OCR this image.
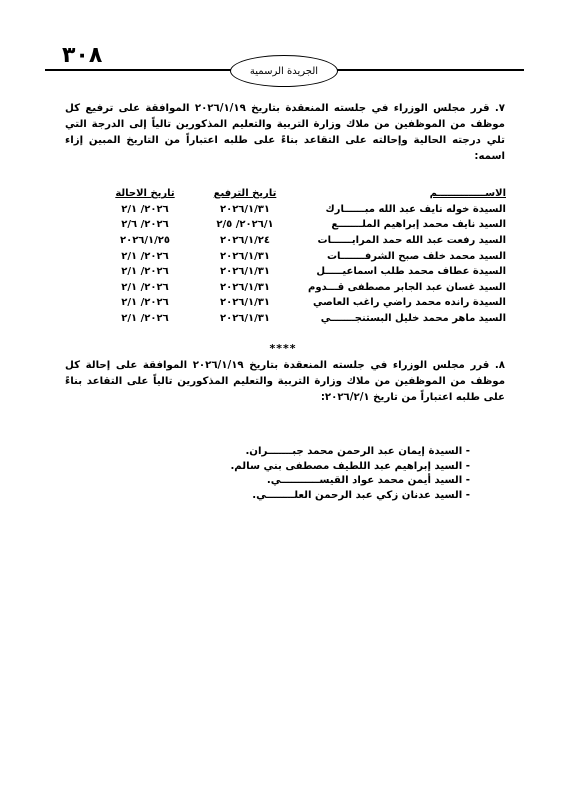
٣٠٨
الجريدة الرسمية
٧. قرر مجلس الوزراء في جلسته المنعقدة بتاريخ ٢٠٢٦/١/١٩ الموافقة على ترفيع كل موظف من الموظفين من ملاك وزارة التربية والتعليم المذكورين تالياً إلى الدرجة التي تلي درجته الحالية وإحالته على التقاعد بناءً على طلبه اعتباراً من التاريخ المبين إزاء اسمه:
الاســــــــــــــم
تاريخ الترفيع
تاريخ الاحالة
السيدة خوله نايف عبد الله مبــــــارك
٢٠٢٦/١/٣١
٢٠٢٦/ ٢/١
السيد نايف محمد إبراهيم الملـــــــع
٢٠٢٦/١/ ٢/٥
٢٠٢٦/ ٢/٦
السيد رفعت عبد الله حمد المرايــــــات
٢٠٢٦/١/٢٤
٢٠٢٦/١/٢٥
السيد محمد خلف صبح الشرفـــــــات
٢٠٢٦/١/٣١
٢٠٢٦/ ٢/١
السيدة عطاف محمد طلب اسماعيـــــل
٢٠٢٦/١/٣١
٢٠٢٦/ ٢/١
السيد غسان عبد الجابر مصطفى قـــدوم
٢٠٢٦/١/٣١
٢٠٢٦/ ٢/١
السيدة رانده محمد راضي راغب العاصي
٢٠٢٦/١/٣١
٢٠٢٦/ ٢/١
السيد ماهر محمد خليل البستنجـــــــي
٢٠٢٦/١/٣١
٢٠٢٦/ ٢/١
****
٨. قرر مجلس الوزراء في جلسته المنعقدة بتاريخ ٢٠٢٦/١/١٩ الموافقة على إحالة كل موظف من الموظفين من ملاك وزارة التربية والتعليم المذكورين تالياً على التقاعد بناءً على طلبه اعتباراً من تاريخ ٢٠٢٦/٢/١:
- السيدة إيمان عبد الرحمن محمد جبـــــــران.
- السيد إبراهيم عبد اللطيف مصطفى بني سالم.
- السيد أيمن محمد عواد القيســـــــــــي.
- السيد عدنان زكي عبد الرحمن العلــــــــي.
